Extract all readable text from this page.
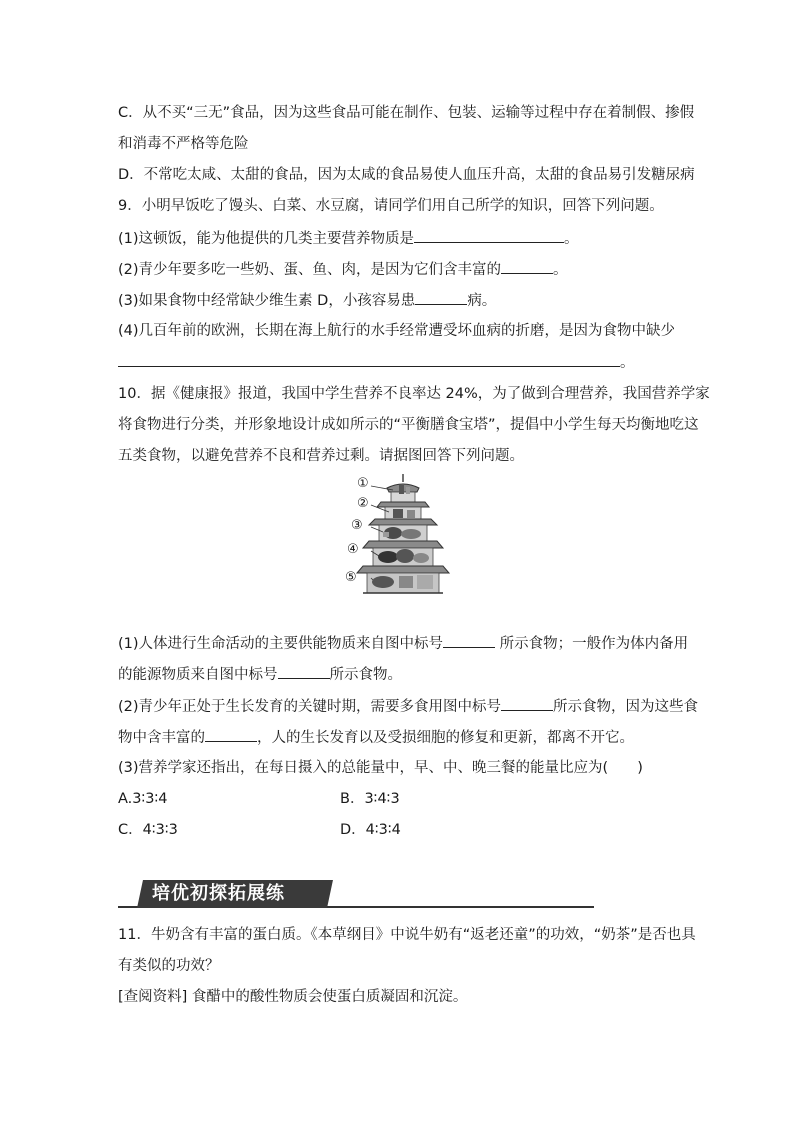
C．从不买“三无”食品，因为这些食品可能在制作、包装、运输等过程中存在着制假、掺假
和消毒不严格等危险
D．不常吃太咸、太甜的食品，因为太咸的食品易使人血压升高，太甜的食品易引发糖尿病
9．小明早饭吃了馒头、白菜、水豆腐，请同学们用自己所学的知识，回答下列问题。
(1)这顿饭，能为他提供的几类主要营养物质是	。
(2)青少年要多吃一些奶、蛋、鱼、肉，是因为它们含丰富的	。
(3)如果食物中经常缺少维生素 D，小孩容易患	病。
(4)几百年前的欧洲，长期在海上航行的水手经常遭受坏血病的折磨，是因为食物中缺少
。
10．据《健康报》报道，我国中学生营养不良率达 24%，为了做到合理营养，我国营养学家
将食物进行分类，并形象地设计成如所示的“平衡膳食宝塔”，提倡中小学生每天均衡地吃这
五类食物，以避免营养不良和营养过剩。请据图回答下列问题。
①
②
③
④
⑤
(1)人体进行生命活动的主要供能物质来自图中标号	所示食物；一般作为体内备用
的能源物质来自图中标号	所示食物。
(2)青少年正处于生长发育的关键时期，需要多食用图中标号	所示食物，因为这些食
物中含丰富的	，人的生长发育以及受损细胞的修复和更新，都离不开它。
(3)营养学家还指出，在每日摄入的总能量中，早、中、晚三餐的能量比应为(　　)
A.3∶3∶4	B．3∶4∶3
C．4∶3∶3	D．4∶3∶4
培优初探拓展练
11．牛奶含有丰富的蛋白质。《本草纲目》中说牛奶有“返老还童”的功效，“奶茶”是否也具
有类似的功效？
[查阅资料] 食醋中的酸性物质会使蛋白质凝固和沉淀。
